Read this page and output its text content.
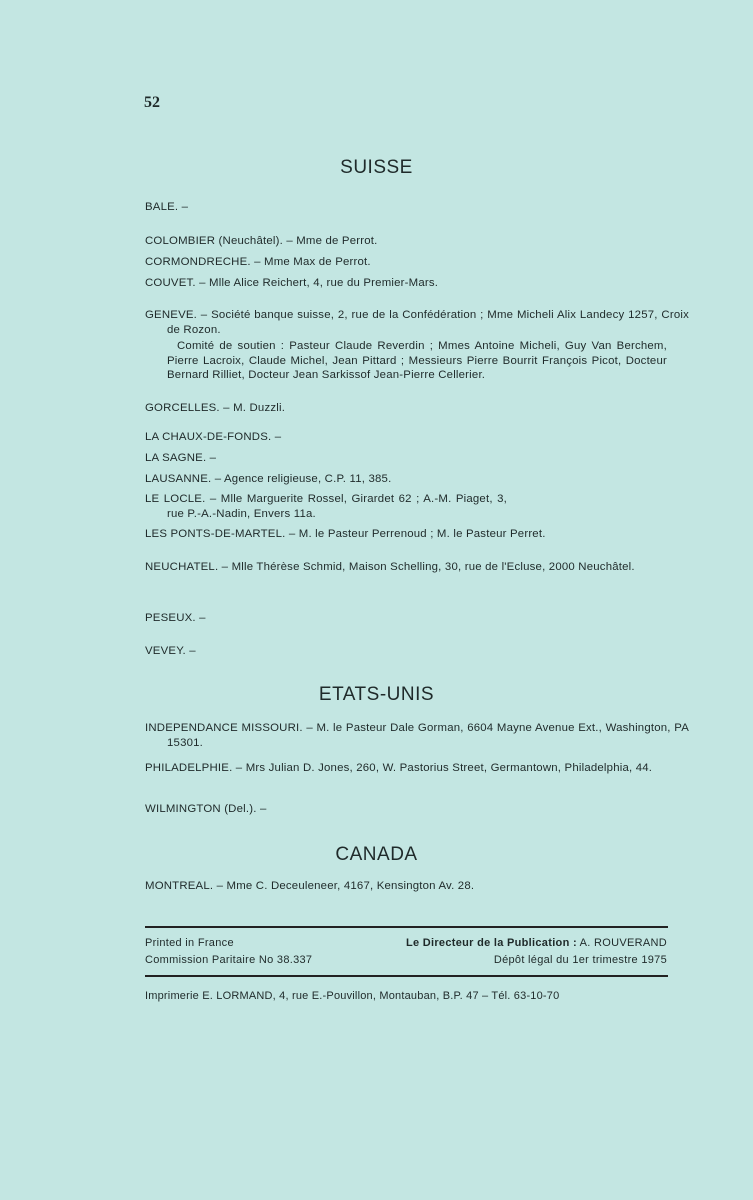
52
SUISSE
BALE. –
COLOMBIER (Neuchâtel). – Mme de Perrot.
CORMONDRECHE. – Mme Max de Perrot.
COUVET. – Mlle Alice Reichert, 4, rue du Premier-Mars.
GENEVE. – Société banque suisse, 2, rue de la Confédération ; Mme Micheli Alix Landecy 1257, Croix de Rozon.
Comité de soutien : Pasteur Claude Reverdin ; Mmes Antoine Micheli, Guy Van Berchem, Pierre Lacroix, Claude Michel, Jean Pittard ; Messieurs Pierre Bourrit François Picot, Docteur Bernard Rilliet, Docteur Jean Sarkissof Jean-Pierre Cellerier.
GORCELLES. – M. Duzzli.
LA CHAUX-DE-FONDS. –
LA SAGNE. –
LAUSANNE. – Agence religieuse, C.P. 11, 385.
LE LOCLE. – Mlle Marguerite Rossel, Girardet 62 ; A.-M. Piaget, 3, rue P.-A.-Nadin, Envers 11a.
LES PONTS-DE-MARTEL. – M. le Pasteur Perrenoud ; M. le Pasteur Perret.
NEUCHATEL. – Mlle Thérèse Schmid, Maison Schelling, 30, rue de l'Ecluse, 2000 Neuchâtel.
PESEUX. –
VEVEY. –
ETATS-UNIS
INDEPENDANCE MISSOURI. – M. le Pasteur Dale Gorman, 6604 Mayne Avenue Ext., Washington, PA 15301.
PHILADELPHIE. – Mrs Julian D. Jones, 260, W. Pastorius Street, Germantown, Philadelphia, 44.
WILMINGTON (Del.). –
CANADA
MONTREAL. – Mme C. Deceuleneer, 4167, Kensington Av. 28.
Printed in France
Commission Paritaire No 38.337
Le Directeur de la Publication : A. ROUVERAND
Dépôt légal du 1er trimestre 1975
Imprimerie E. LORMAND, 4, rue E.-Pouvillon, Montauban, B.P. 47 – Tél. 63-10-70
